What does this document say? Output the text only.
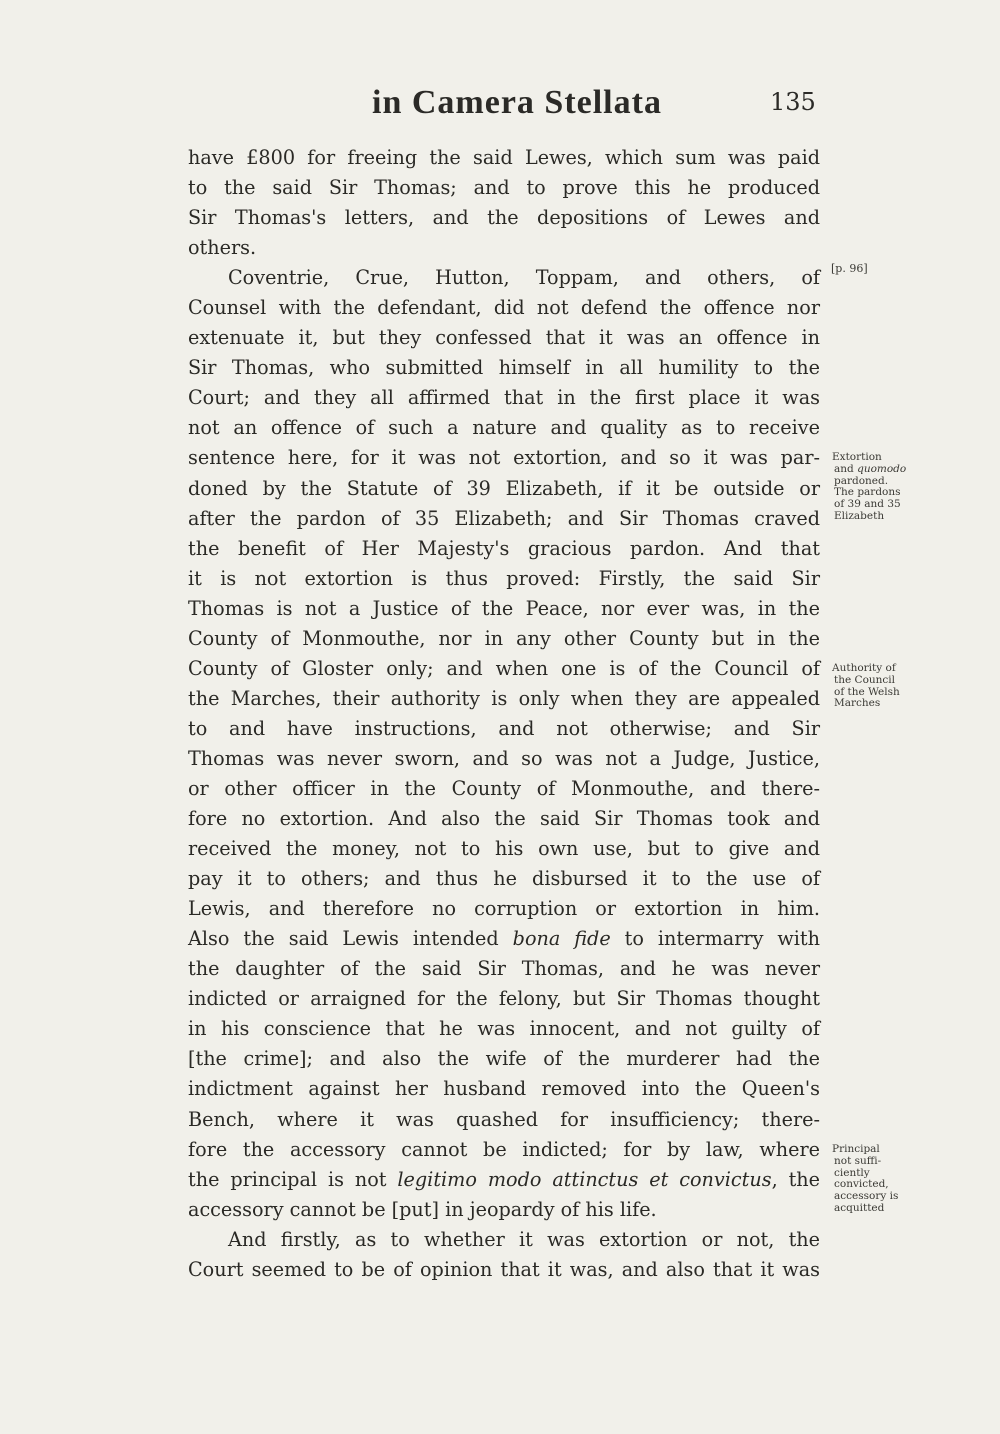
in Camera Stellata	135
[p. 96]
have £800 for freeing the said Lewes, which sum was paid
to the said Sir Thomas; and to prove this he produced
Sir Thomas's letters, and the depositions of Lewes and
others.
Coventrie, Crue, Hutton, Toppam, and others, of
Counsel with the defendant, did not defend the offence nor
extenuate it, but they confessed that it was an offence in
Sir Thomas, who submitted himself in all humility to the
Court; and they all affirmed that in the first place it was
not an offence of such a nature and quality as to receive
sentence here, for it was not extortion, and so it was par-
doned by the Statute of 39 Elizabeth, if it be outside or
after the pardon of 35 Elizabeth; and Sir Thomas craved
the benefit of Her Majesty's gracious pardon. And that
it is not extortion is thus proved: Firstly, the said Sir
Thomas is not a Justice of the Peace, nor ever was, in the
County of Monmouthe, nor in any other County but in the
County of Gloster only; and when one is of the Council of
the Marches, their authority is only when they are appealed
to and have instructions, and not otherwise; and Sir
Thomas was never sworn, and so was not a Judge, Justice,
or other officer in the County of Monmouthe, and there-
fore no extortion. And also the said Sir Thomas took and
received the money, not to his own use, but to give and
pay it to others; and thus he disbursed it to the use of
Lewis, and therefore no corruption or extortion in him.
Also the said Lewis intended bona fide to intermarry with
the daughter of the said Sir Thomas, and he was never
indicted or arraigned for the felony, but Sir Thomas thought
in his conscience that he was innocent, and not guilty of
[the crime]; and also the wife of the murderer had the
indictment against her husband removed into the Queen's
Bench, where it was quashed for insufficiency; there-
fore the accessory cannot be indicted; for by law, where
the principal is not legitimo modo attinctus et convictus, the
accessory cannot be [put] in jeopardy of his life.
And firstly, as to whether it was extortion or not, the
Court seemed to be of opinion that it was, and also that it was
Extortion
and quomodo
pardoned.
The pardons
of 39 and 35
Elizabeth
Authority of
the Council
of the Welsh
Marches
Principal
not suffi-
ciently
convicted,
accessory is
acquitted
